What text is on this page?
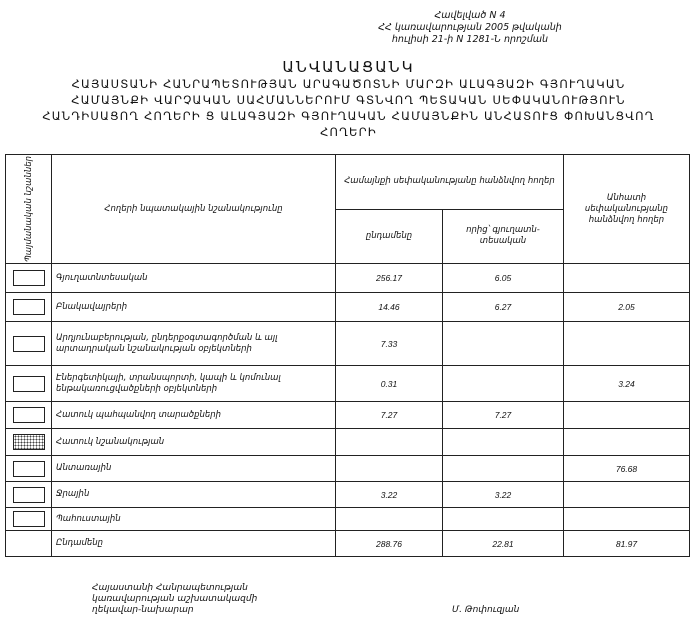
Հավելված N 4
ՀՀ կառավարության 2005 թվականի
հուլիսի 21-ի N 1281-Ն որոշման
ԱՆՎԱՆԱՑԱՆԿ
ՀԱՅԱՍՏԱՆԻ ՀԱՆՐԱՊԵՏՈՒԹՅԱՆ ԱՐԱԳԱԾՈՏՆԻ ՄԱՐԶԻ ԱԼԱԳՅԱԶԻ ԳՅՈՒՂԱԿԱՆ
ՀԱՄԱՅՆՔԻ ՎԱՐՉԱԿԱՆ ՍԱՀՄԱՆՆԵՐՈՒՄ ԳՏՆՎՈՂ ՊԵՏԱԿԱՆ ՍԵՓԱԿԱՆՈՒԹՅՈՒՆ
ՀԱՆԴԻՍԱՑՈՂ ՀՈՂԵՐԻ Ց ԱԼԱԳՅԱԶԻ ԳՅՈՒՂԱԿԱՆ ՀԱՄԱՅՆՔԻՆ ԱՆՀԱՏՈՒՑ ՓՈԽԱՆՑՎՈՂ
ՀՈՂԵՐԻ
Պայմանական նշաններ	Հողերի նպատակային նշանակությունը	Համայնքի սեփականությանը հանձնվող հողեր		Անհատի սեփականությանը հանձնվող հողեր
		ընդամենը	որից՝ գյուղատն-տեսական	
	Գյուղատնտեսական	256.17	6.05	
	Բնակավայրերի	14.46	6.27	2.05
	Արդյունաբերության, ընդերքօգտագործման և այլ արտադրական նշանակության օբյեկտների	7.33		
	Էներգետիկայի, տրանսպորտի, կապի և կոմունալ ենթակառուցվածքների օբյեկտների	0.31		3.24
	Հատուկ պահպանվող տարածքների	7.27	7.27	
	Հատուկ նշանակության			
	Անտառային			76.68
	Ջրային	3.22	3.22	
	Պահուստային			
	Ընդամենը	288.76	22.81	81.97
Հայաստանի Հանրապետության
կառավարության աշխատակազմի
ղեկավար-նախարար	Մ. Թոփուզյան
